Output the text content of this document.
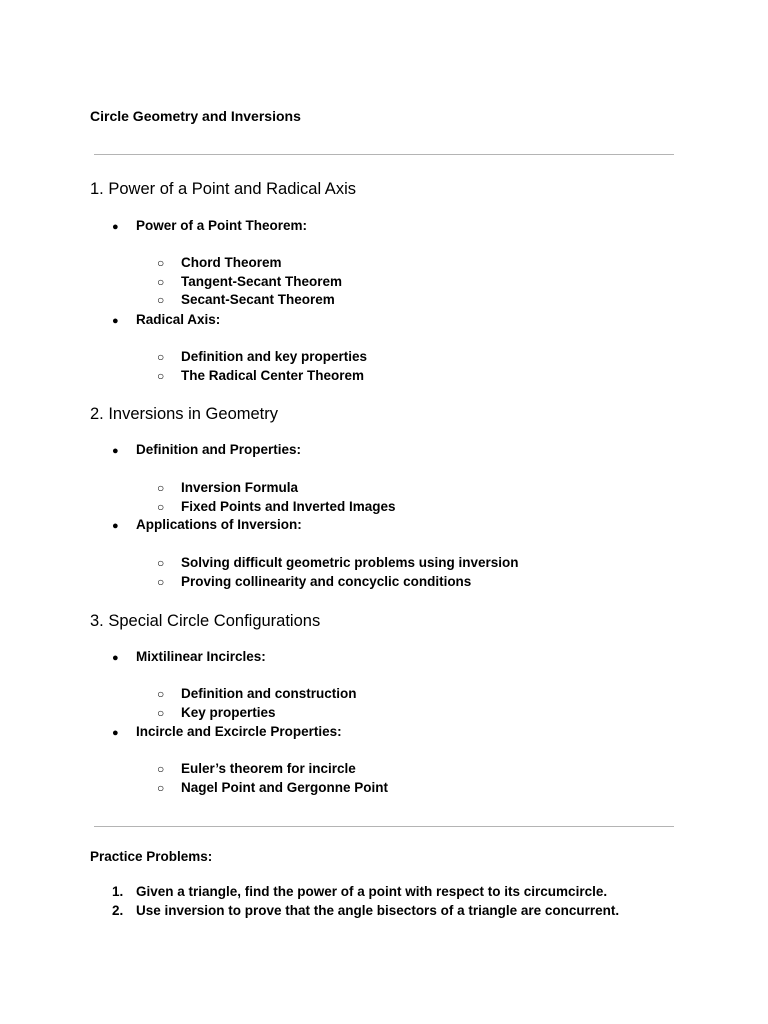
Circle Geometry and Inversions
1. Power of a Point and Radical Axis
● Power of a Point Theorem:
○ Chord Theorem
○ Tangent-Secant Theorem
○ Secant-Secant Theorem
● Radical Axis:
○ Definition and key properties
○ The Radical Center Theorem
2. Inversions in Geometry
● Definition and Properties:
○ Inversion Formula
○ Fixed Points and Inverted Images
● Applications of Inversion:
○ Solving difficult geometric problems using inversion
○ Proving collinearity and concyclic conditions
3. Special Circle Configurations
● Mixtilinear Incircles:
○ Definition and construction
○ Key properties
● Incircle and Excircle Properties:
○ Euler’s theorem for incircle
○ Nagel Point and Gergonne Point
Practice Problems:
1. Given a triangle, find the power of a point with respect to its circumcircle.
2. Use inversion to prove that the angle bisectors of a triangle are concurrent.
